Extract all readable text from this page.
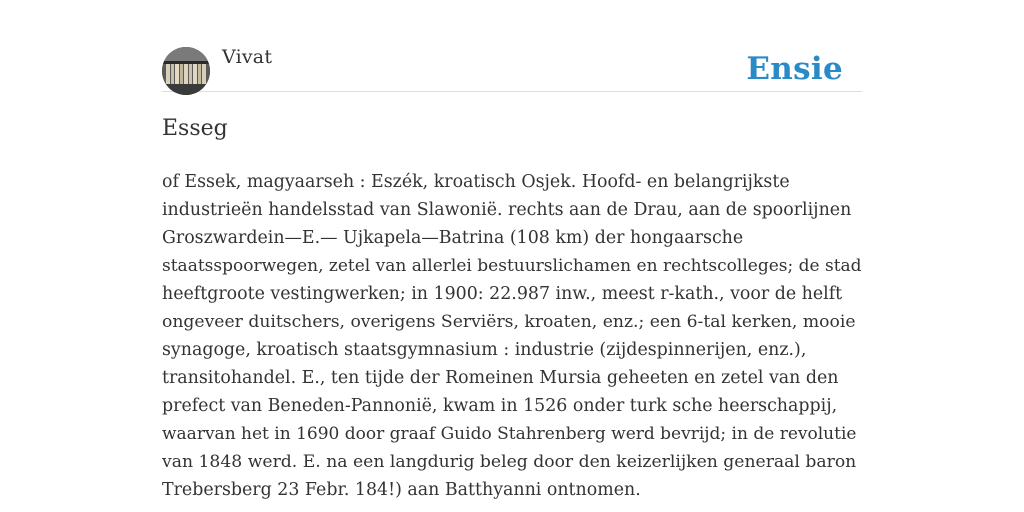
Vivat	Ensie
Esseg
of Essek, magyaarseh : Eszék, kroatisch Osjek. Hoofd- en belangrijkste
industrieën handelsstad van Slawonië. rechts aan de Drau, aan de spoorlijnen
Groszwardein—E.— Ujkapela—Batrina (108 km) der hongaarsche
staatsspoorwegen, zetel van allerlei bestuurslichamen en rechtscolleges; de stad
heeftgroote vestingwerken; in 1900: 22.987 inw., meest r-kath., voor de helft
ongeveer duitschers, overigens Serviërs, kroaten, enz.; een 6-tal kerken, mooie
synagoge, kroatisch staatsgymnasium : industrie (zijdespinnerijen, enz.),
transitohandel. E., ten tijde der Romeinen Mursia geheeten en zetel van den
prefect van Beneden-Pannonië, kwam in 1526 onder turk sche heerschappij,
waarvan het in 1690 door graaf Guido Stahrenberg werd bevrijd; in de revolutie
van 1848 werd. E. na een langdurig beleg door den keizerlijken generaal baron
Trebersberg 23 Febr. 184!) aan Batthyanni ontnomen.
